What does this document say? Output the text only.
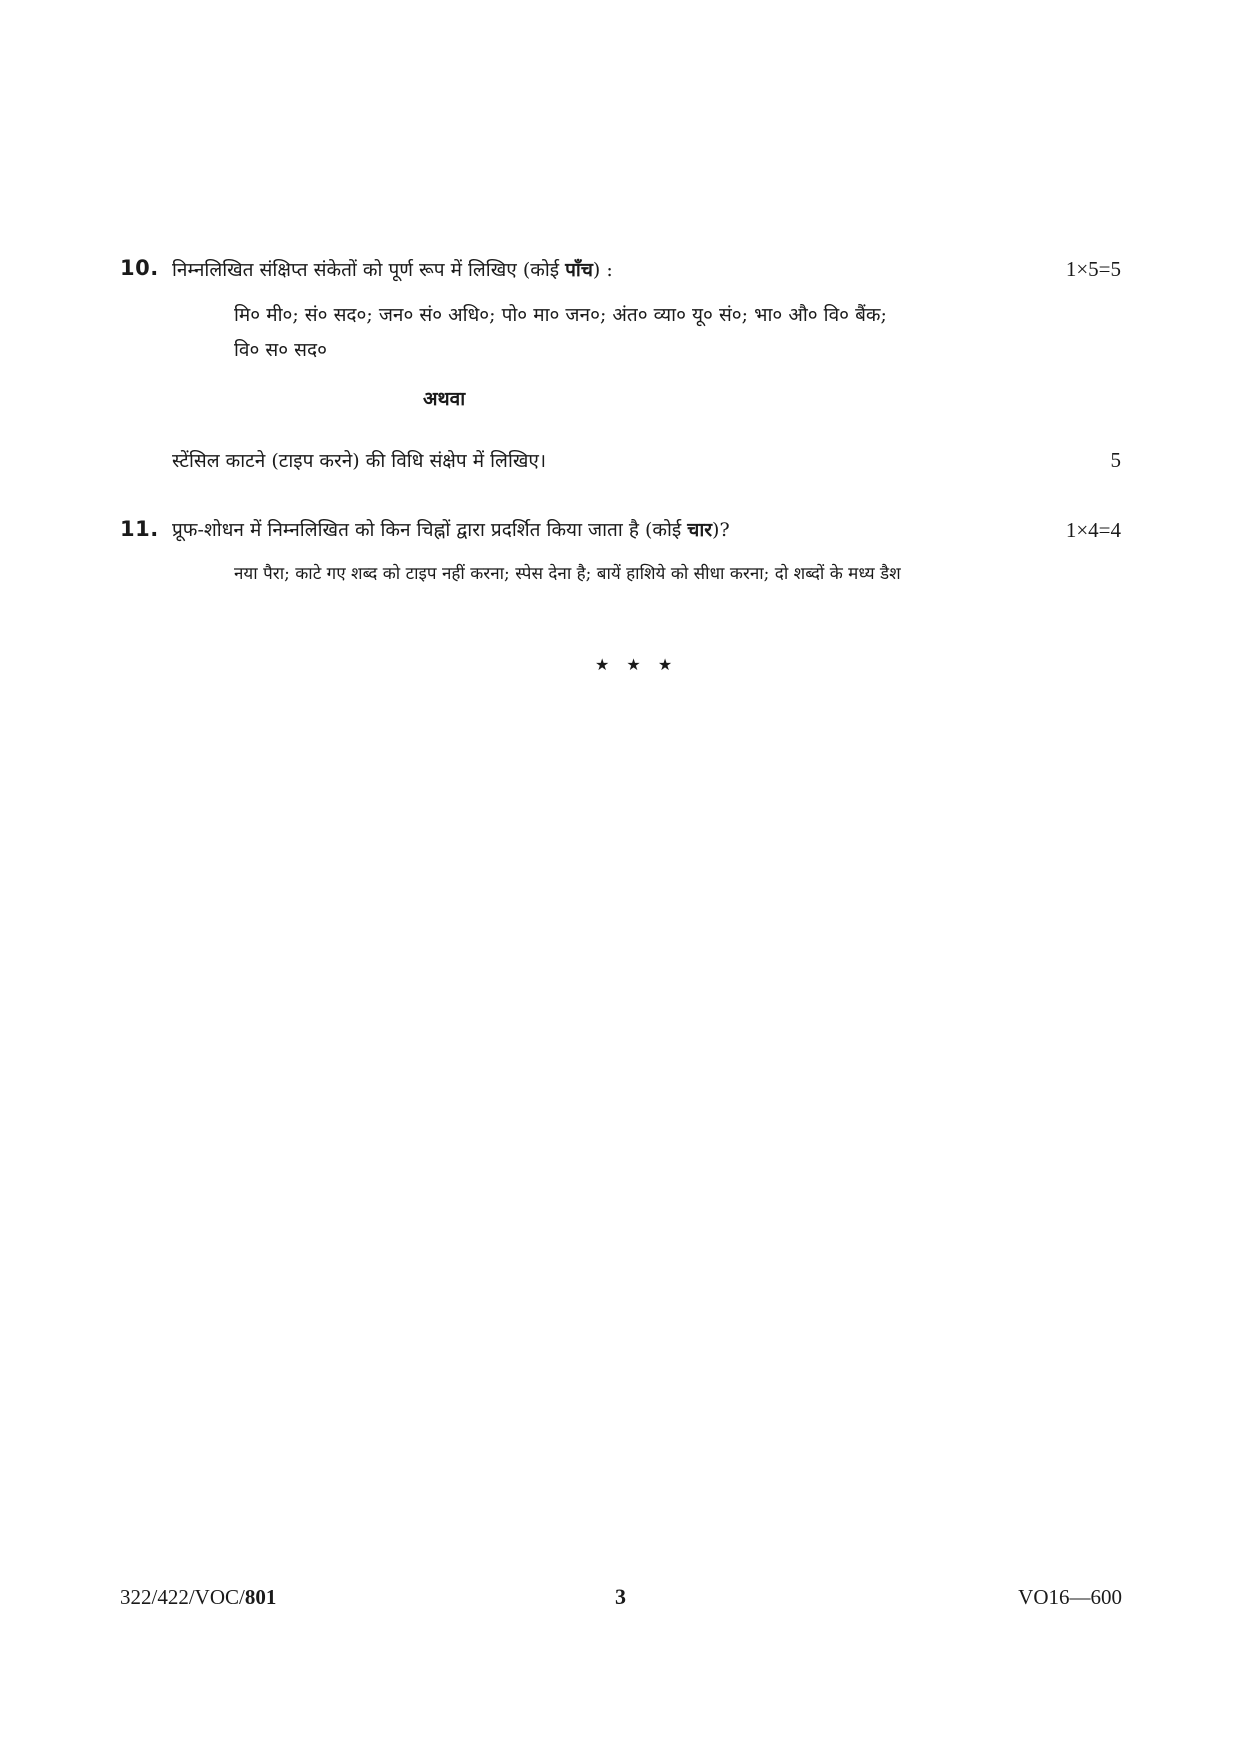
10. निम्नलिखित संक्षिप्त संकेतों को पूर्ण रूप में लिखिए (कोई पाँच) :	1×5=5
मि० मी०; सं० सद०; जन० सं० अधि०; पो० मा० जन०; अंत० व्या० यू० सं०; भा० औ० वि० बैंक;
वि० स० सद०
अथवा
स्टेंसिल काटने (टाइप करने) की विधि संक्षेप में लिखिए।	5
11. प्रूफ-शोधन में निम्नलिखित को किन चिह्नों द्वारा प्रदर्शित किया जाता है (कोई चार)?	1×4=4
नया पैरा; काटे गए शब्द को टाइप नहीं करना; स्पेस देना है; बायें हाशिये को सीधा करना; दो शब्दों के मध्य डैश
★ ★ ★
322/422/VOC/801	3	VO16—600
